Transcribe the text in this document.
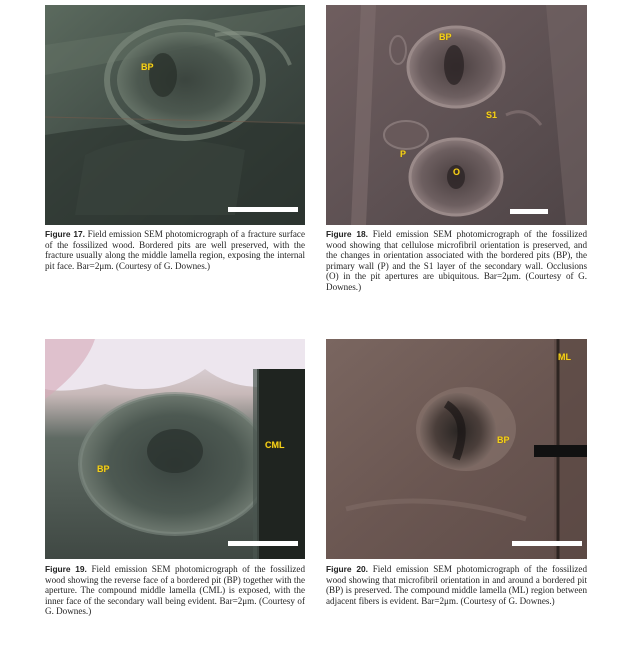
BP
Figure 17. Field emission SEM photomicrograph of a fracture surface of the fossilized wood. Bordered pits are well preserved, with the fracture usually along the middle lamella region, exposing the internal pit face. Bar=2μm. (Courtesy of G. Downes.)
BP
S1
P
O
Figure 18. Field emission SEM photomicrograph of the fossilized wood showing that cellulose microfibril orientation is preserved, and the changes in orientation associated with the bordered pits (BP), the primary wall (P) and the S1 layer of the secondary wall. Occlusions (O) in the pit apertures are ubiquitous. Bar=2μm. (Courtesy of G. Downes.)
CML
BP
Figure 19. Field emission SEM photomicrograph of the fossilized wood showing the reverse face of a bordered pit (BP) together with the aperture. The compound middle lamella (CML) is exposed, with the inner face of the secondary wall being evident. Bar=2μm. (Courtesy of G. Downes.)
ML
BP
Figure 20. Field emission SEM photomicrograph of the fossilized wood showing that microfibril orientation in and around a bordered pit (BP) is preserved. The compound middle lamella (ML) region between adjacent fibers is evident. Bar=2μm. (Courtesy of G. Downes.)
